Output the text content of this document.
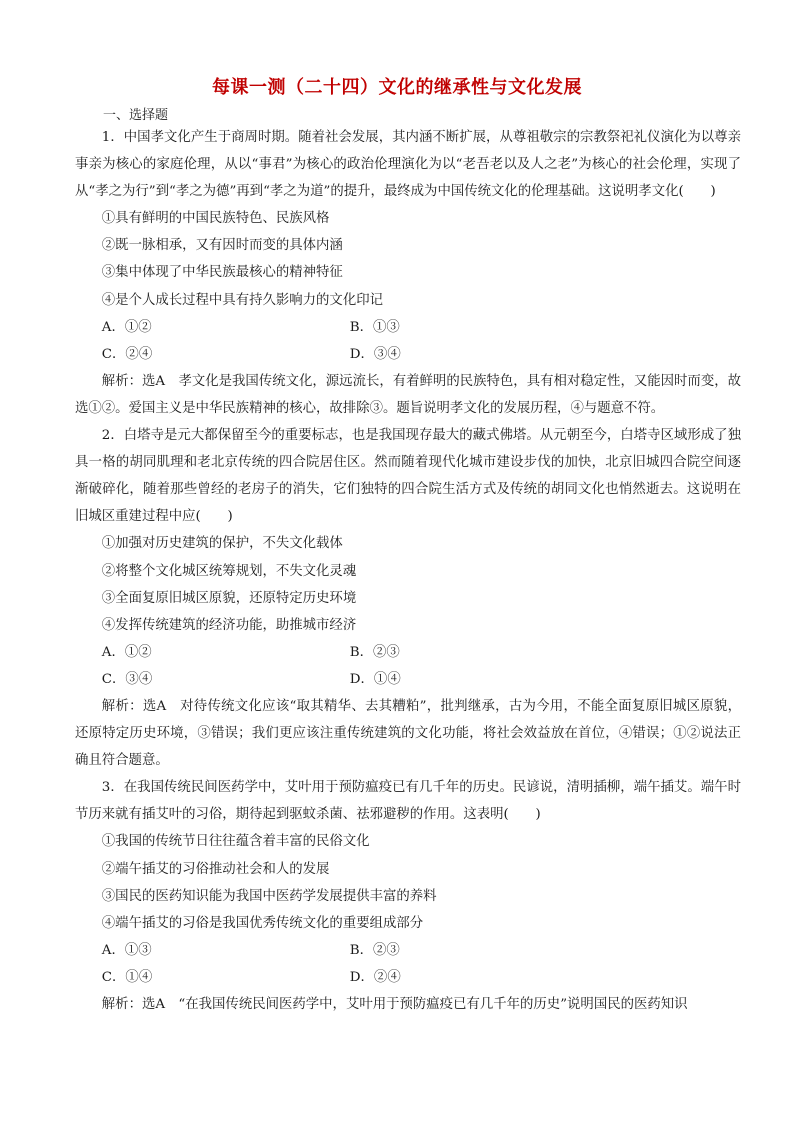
每课一测（二十四）文化的继承性与文化发展
一、选择题

1．中国孝文化产生于商周时期。随着社会发展，其内涵不断扩展，从尊祖敬宗的宗教祭祀礼仪演化为以尊亲事亲为核心的家庭伦理，从以“事君”为核心的政治伦理演化为以“老吾老以及人之老”为核心的社会伦理，实现了从“孝之为行”到“孝之为德”再到“孝之为道”的提升，最终成为中国传统文化的伦理基础。这说明孝文化(　　)

①具有鲜明的中国民族特色、民族风格

②既一脉相承，又有因时而变的具体内涵

③集中体现了中华民族最核心的精神特征

④是个人成长过程中具有持久影响力的文化印记

A．①②	B．①③
C．②④	D．③④

解析：选A　孝文化是我国传统文化，源远流长，有着鲜明的民族特色，具有相对稳定性，又能因时而变，故选①②。爱国主义是中华民族精神的核心，故排除③。题旨说明孝文化的发展历程，④与题意不符。

2．白塔寺是元大都保留至今的重要标志，也是我国现存最大的藏式佛塔。从元朝至今，白塔寺区域形成了独具一格的胡同肌理和老北京传统的四合院居住区。然而随着现代化城市建设步伐的加快，北京旧城四合院空间逐渐破碎化，随着那些曾经的老房子的消失，它们独特的四合院生活方式及传统的胡同文化也悄然逝去。这说明在旧城区重建过程中应(　　)

①加强对历史建筑的保护，不失文化载体

②将整个文化城区统筹规划，不失文化灵魂

③全面复原旧城区原貌，还原特定历史环境

④发挥传统建筑的经济功能，助推城市经济

A．①②	B．②③
C．③④	D．①④

解析：选A　对待传统文化应该“取其精华、去其糟粕”，批判继承，古为今用，不能全面复原旧城区原貌，还原特定历史环境，③错误；我们更应该注重传统建筑的文化功能，将社会效益放在首位，④错误；①②说法正确且符合题意。

3．在我国传统民间医药学中，艾叶用于预防瘟疫已有几千年的历史。民谚说，清明插柳，端午插艾。端午时节历来就有插艾叶的习俗，期待起到驱蚊杀菌、祛邪避秽的作用。这表明(　　)

①我国的传统节日往往蕴含着丰富的民俗文化

②端午插艾的习俗推动社会和人的发展

③国民的医药知识能为我国中医药学发展提供丰富的养料

④端午插艾的习俗是我国优秀传统文化的重要组成部分

A．①③	B．②③
C．①④	D．②④

解析：选A　“在我国传统民间医药学中，艾叶用于预防瘟疫已有几千年的历史”说明国民的医药知识
